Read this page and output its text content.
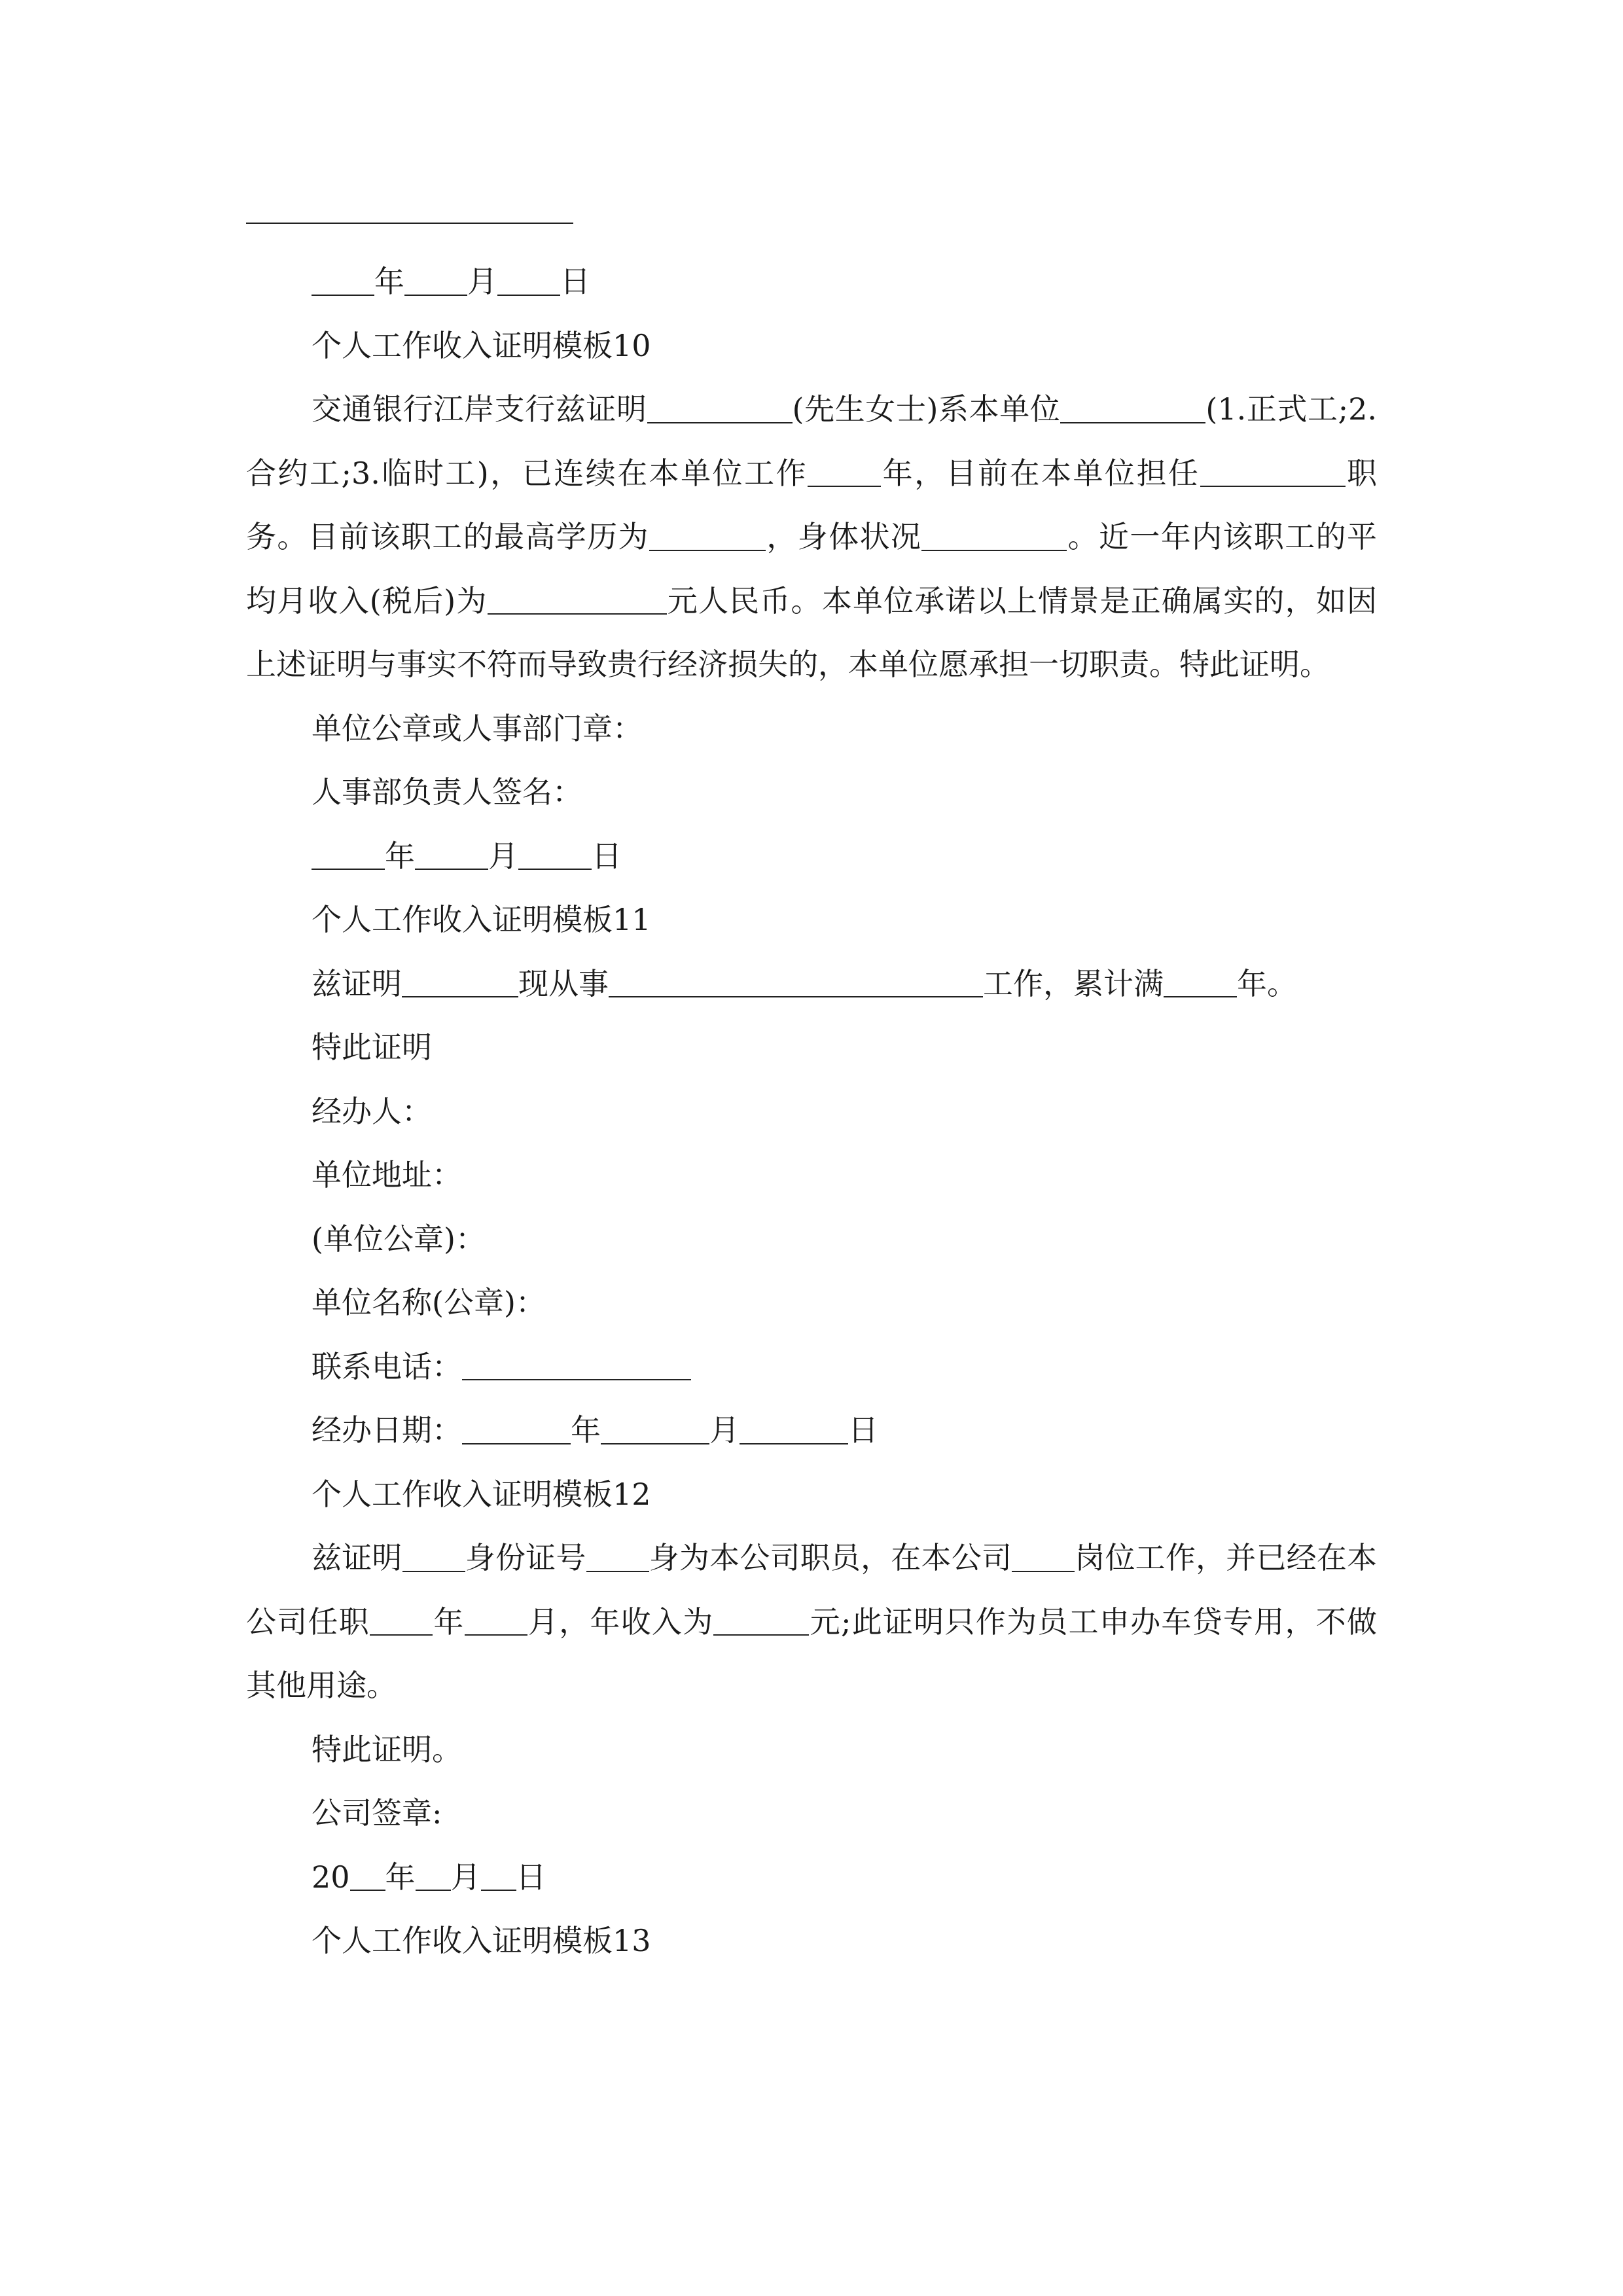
年 月 日

个人工作收入证明模板10

交通银行江岸支行兹证明	(先生女士)系本单位	(1.正式工;2.合约工;3.临时工)，已连续在本单位工作 年，目前在本单位担任	职务。目前该职工的最高学历为	，身体状况	。近一年内该职工的平均月收入(税后)为	元人民币。本单位承诺以上情景是正确属实的，如因上述证明与事实不符而导致贵行经济损失的，本单位愿承担一切职责。特此证明。

单位公章或人事部门章：

人事部负责人签名：

年 月 日

个人工作收入证明模板11

兹证明	现从事	工作，累计满 年。

特此证明

经办人：

单位地址：

(单位公章)：

单位名称(公章)：

联系电话：

经办日期：	年	月	日

个人工作收入证明模板12

兹证明 身份证号 身为本公司职员，在本公司 岗位工作，并已经在本公司任职 年 月，年收入为	元;此证明只作为员工申办车贷专用，不做其他用途。

特此证明。

公司签章:

20 年 月 日

个人工作收入证明模板13
